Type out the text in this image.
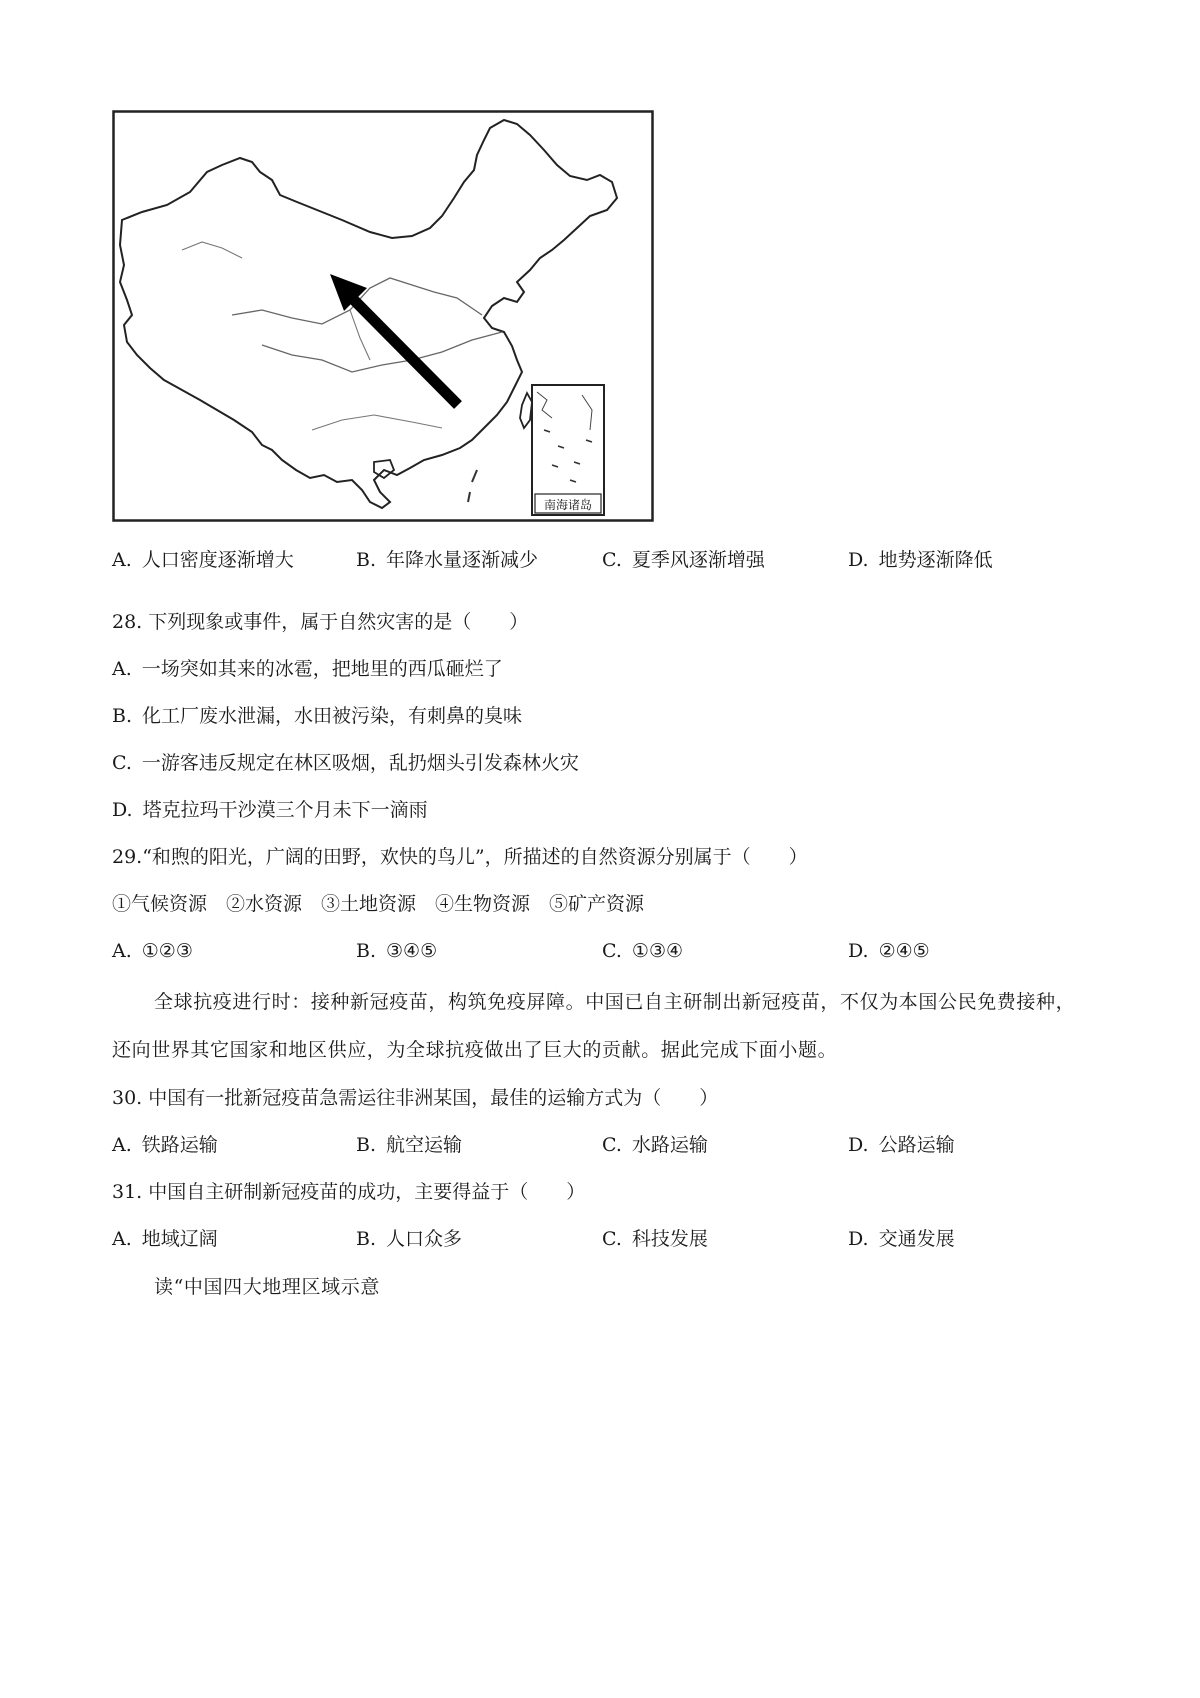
南海诸岛
A. 人口密度逐渐增大	B. 年降水量逐渐减少	C. 夏季风逐渐增强	D. 地势逐渐降低
28. 下列现象或事件，属于自然灾害的是（　　）
A. 一场突如其来的冰雹，把地里的西瓜砸烂了
B. 化工厂废水泄漏，水田被污染，有刺鼻的臭味
C. 一游客违反规定在林区吸烟，乱扔烟头引发森林火灾
D. 塔克拉玛干沙漠三个月未下一滴雨
29.“和煦的阳光，广阔的田野，欢快的鸟儿”，所描述的自然资源分别属于（　　）
①气候资源　②水资源　③土地资源　④生物资源　⑤矿产资源
A. ①②③	B. ③④⑤	C. ①③④	D. ②④⑤
全球抗疫进行时：接种新冠疫苗，构筑免疫屏障。中国已自主研制出新冠疫苗，不仅为本国公民免费接种，还向世界其它国家和地区供应，为全球抗疫做出了巨大的贡献。据此完成下面小题。
30. 中国有一批新冠疫苗急需运往非洲某国，最佳的运输方式为（　　）
A. 铁路运输	B. 航空运输	C. 水路运输	D. 公路运输
31. 中国自主研制新冠疫苗的成功，主要得益于（　　）
A. 地域辽阔	B. 人口众多	C. 科技发展	D. 交通发展
读“中国四大地理区域示意
